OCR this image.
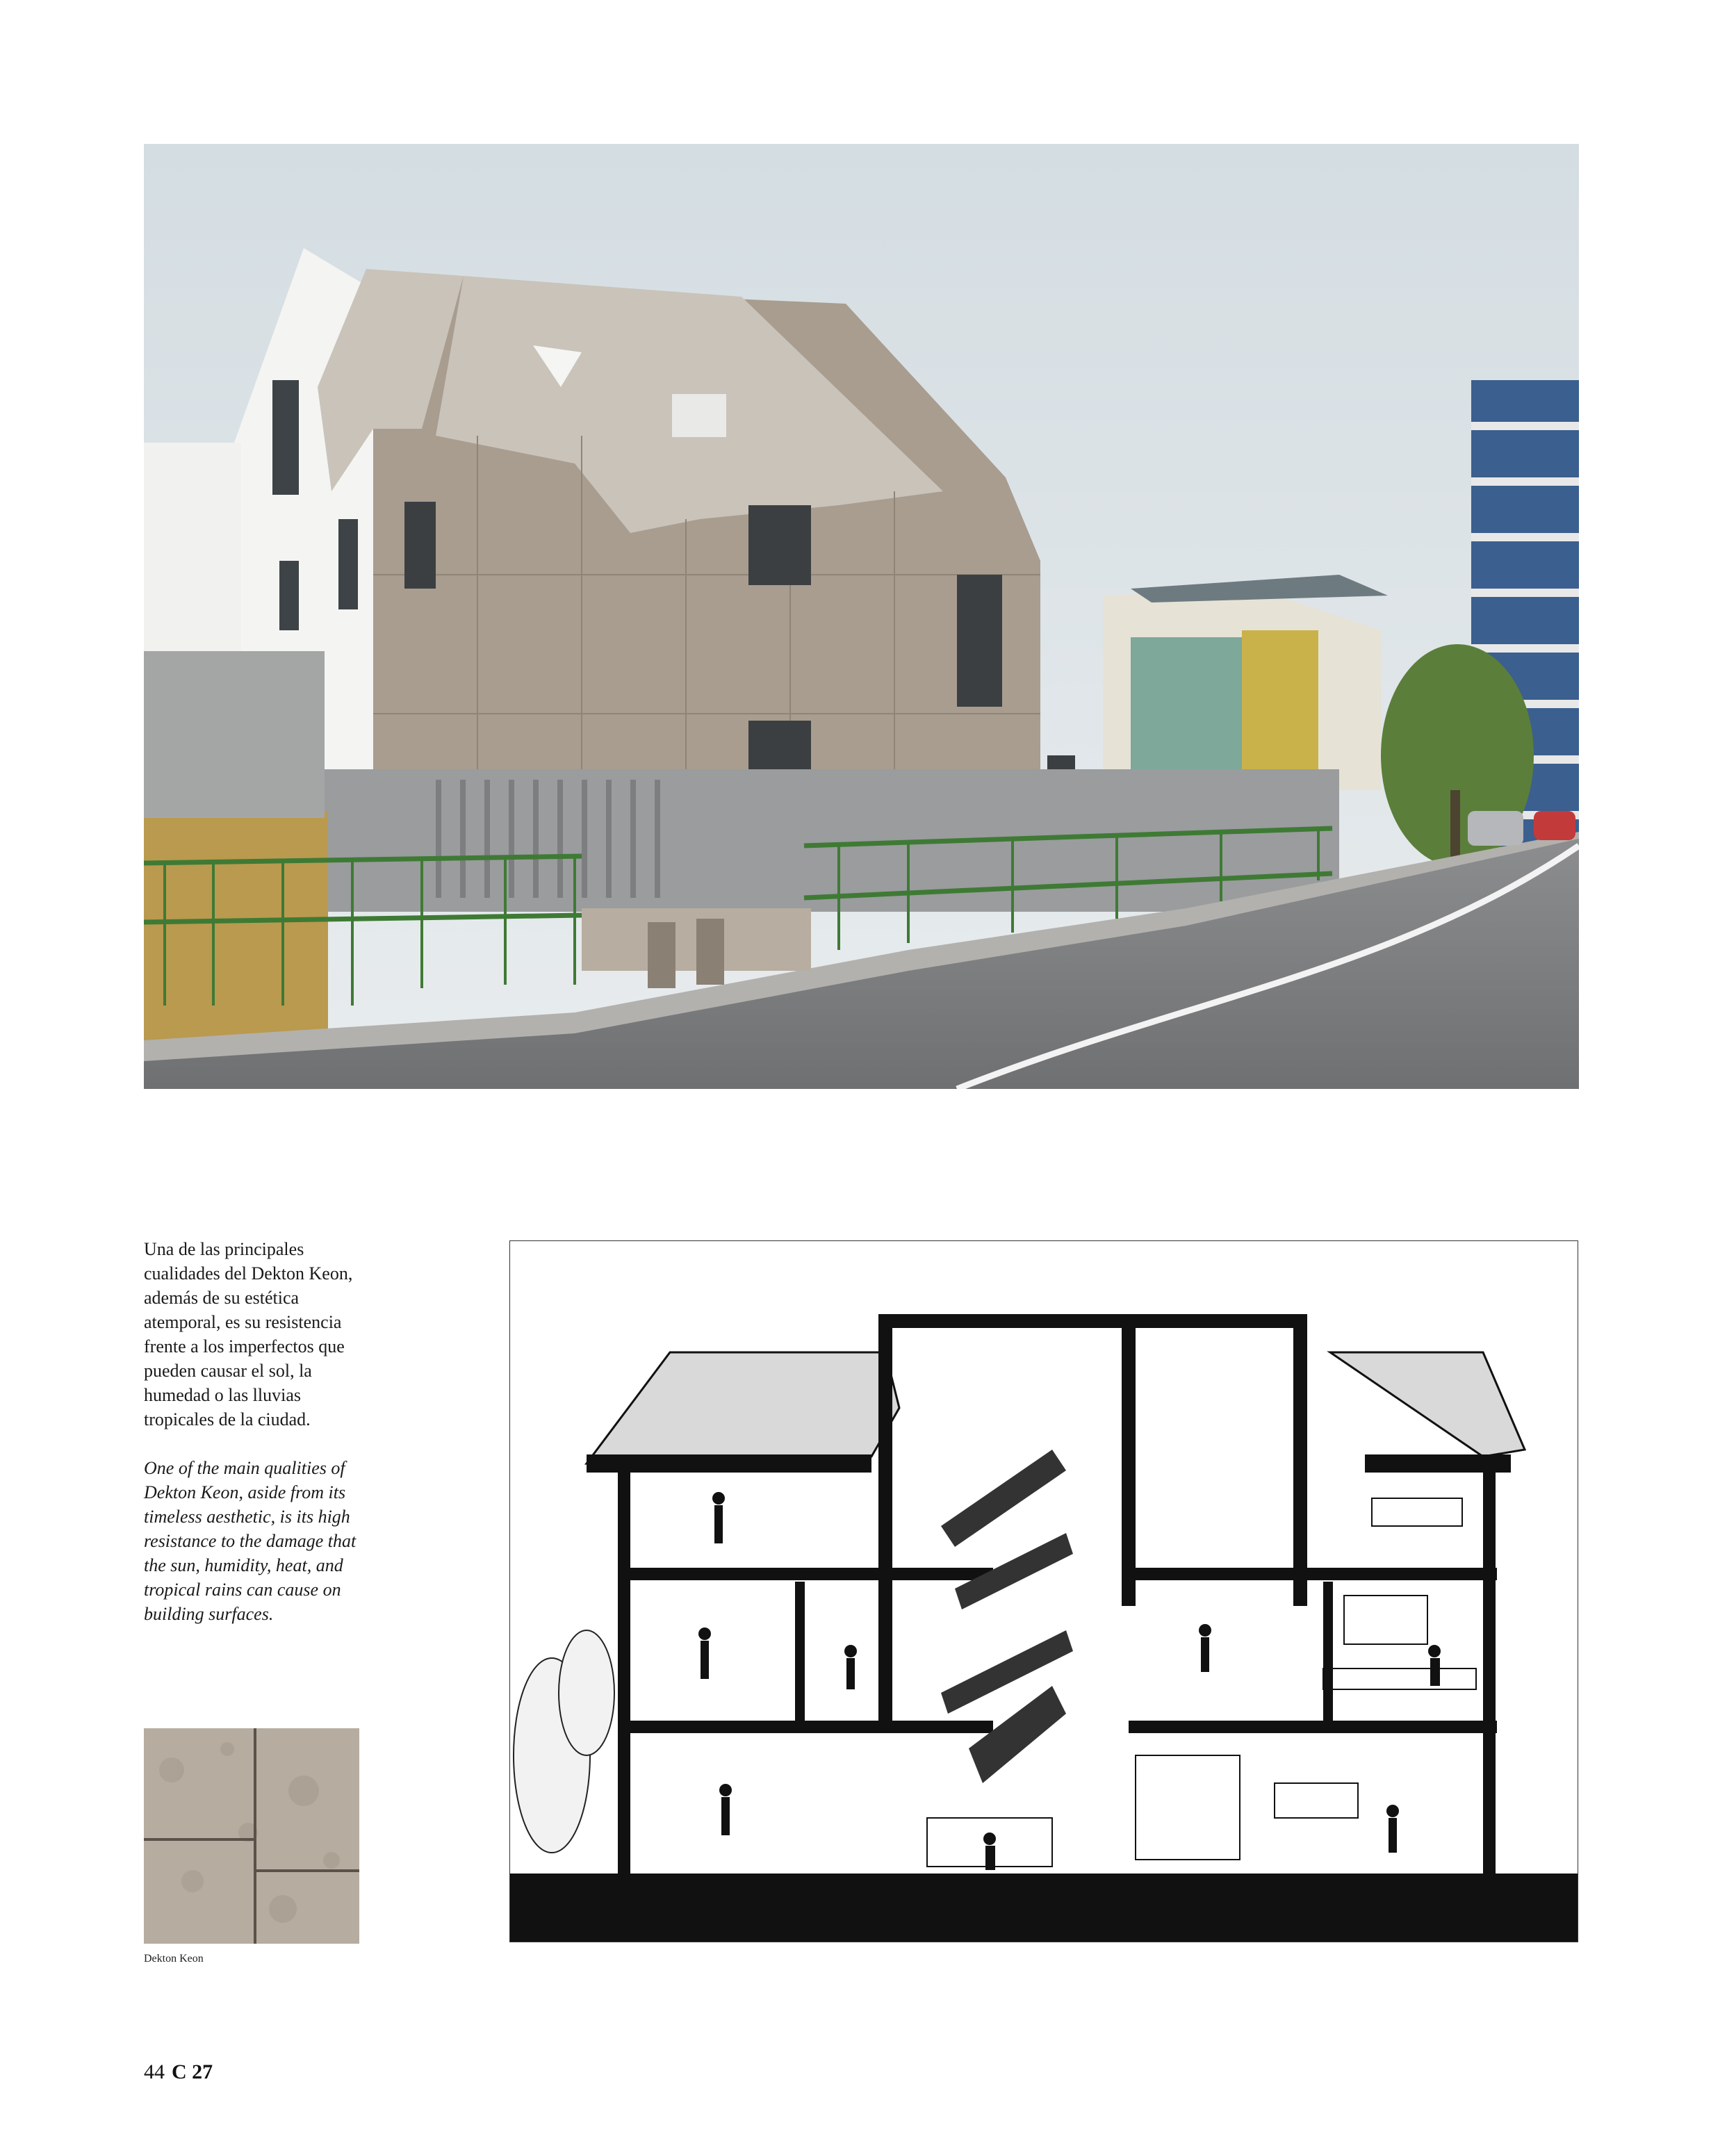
Una de las principales cualidades del Dekton Keon, además de su estética atemporal, es su resistencia frente a los imperfectos que pueden causar el sol, la humedad o las lluvias tropicales de la ciudad.

One of the main qualities of Dekton Keon, aside from its timeless aesthetic, is its high resistance to the damage that the sun, humidity, heat, and tropical rains can cause on building surfaces.

Dekton Keon
44 C 27
